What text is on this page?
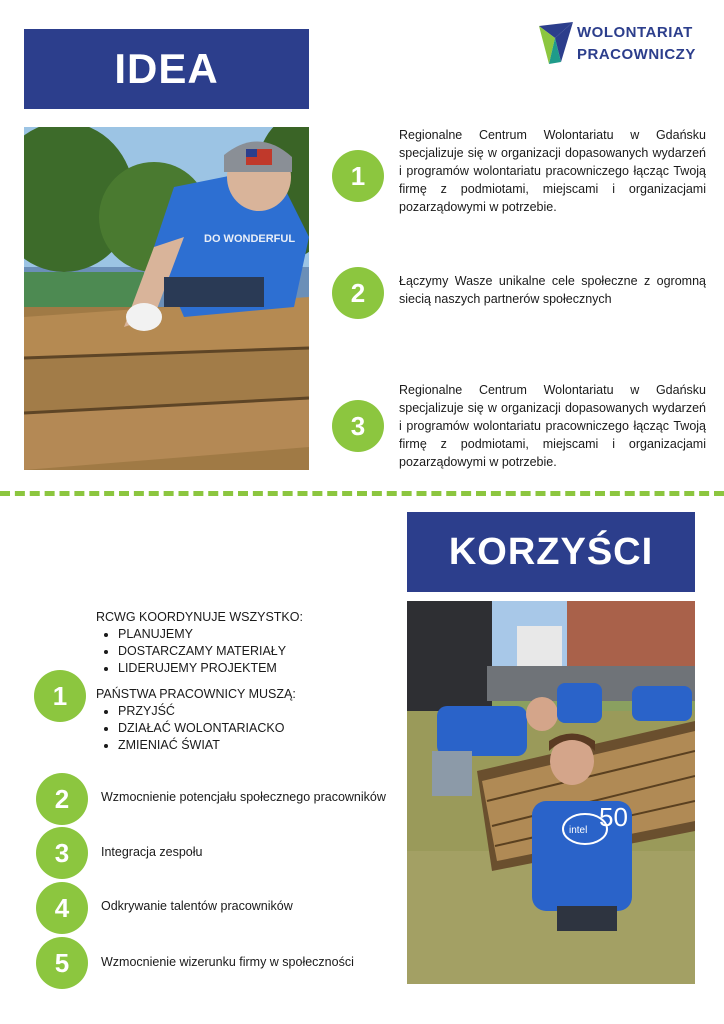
WOLONTARIAT
PRACOWNICZY
IDEA
DO WONDERFUL
1
Regionalne Centrum Wolontariatu w Gdańsku specjalizuje się w organizacji dopasowanych wydarzeń i programów wolontariatu pracowniczego łącząc Twoją firmę z podmiotami, miejscami i organizacjami pozarządowymi w potrzebie.
2	Łączymy Wasze unikalne cele społeczne z ogromną siecią naszych partnerów społecznych
3
Regionalne Centrum Wolontariatu w Gdańsku specjalizuje się w organizacji dopasowanych wydarzeń i programów wolontariatu pracowniczego łącząc Twoją firmę z podmiotami, miejscami i organizacjami pozarządowymi w potrzebie.
KORZYŚCI
intel 50
1
RCWG KOORDYNUJE WSZYSTKO:
• PLANUJEMY
• DOSTARCZAMY MATERIAŁY
• LIDERUJEMY PROJEKTEM
PAŃSTWA PRACOWNICY MUSZĄ:
• PRZYJŚĆ
• DZIAŁAĆ WOLONTARIACKO
• ZMIENIAĆ ŚWIAT
2	Wzmocnienie potencjału społecznego pracowników
3	Integracja zespołu
4	Odkrywanie talentów pracowników
5	Wzmocnienie wizerunku firmy w społeczności
